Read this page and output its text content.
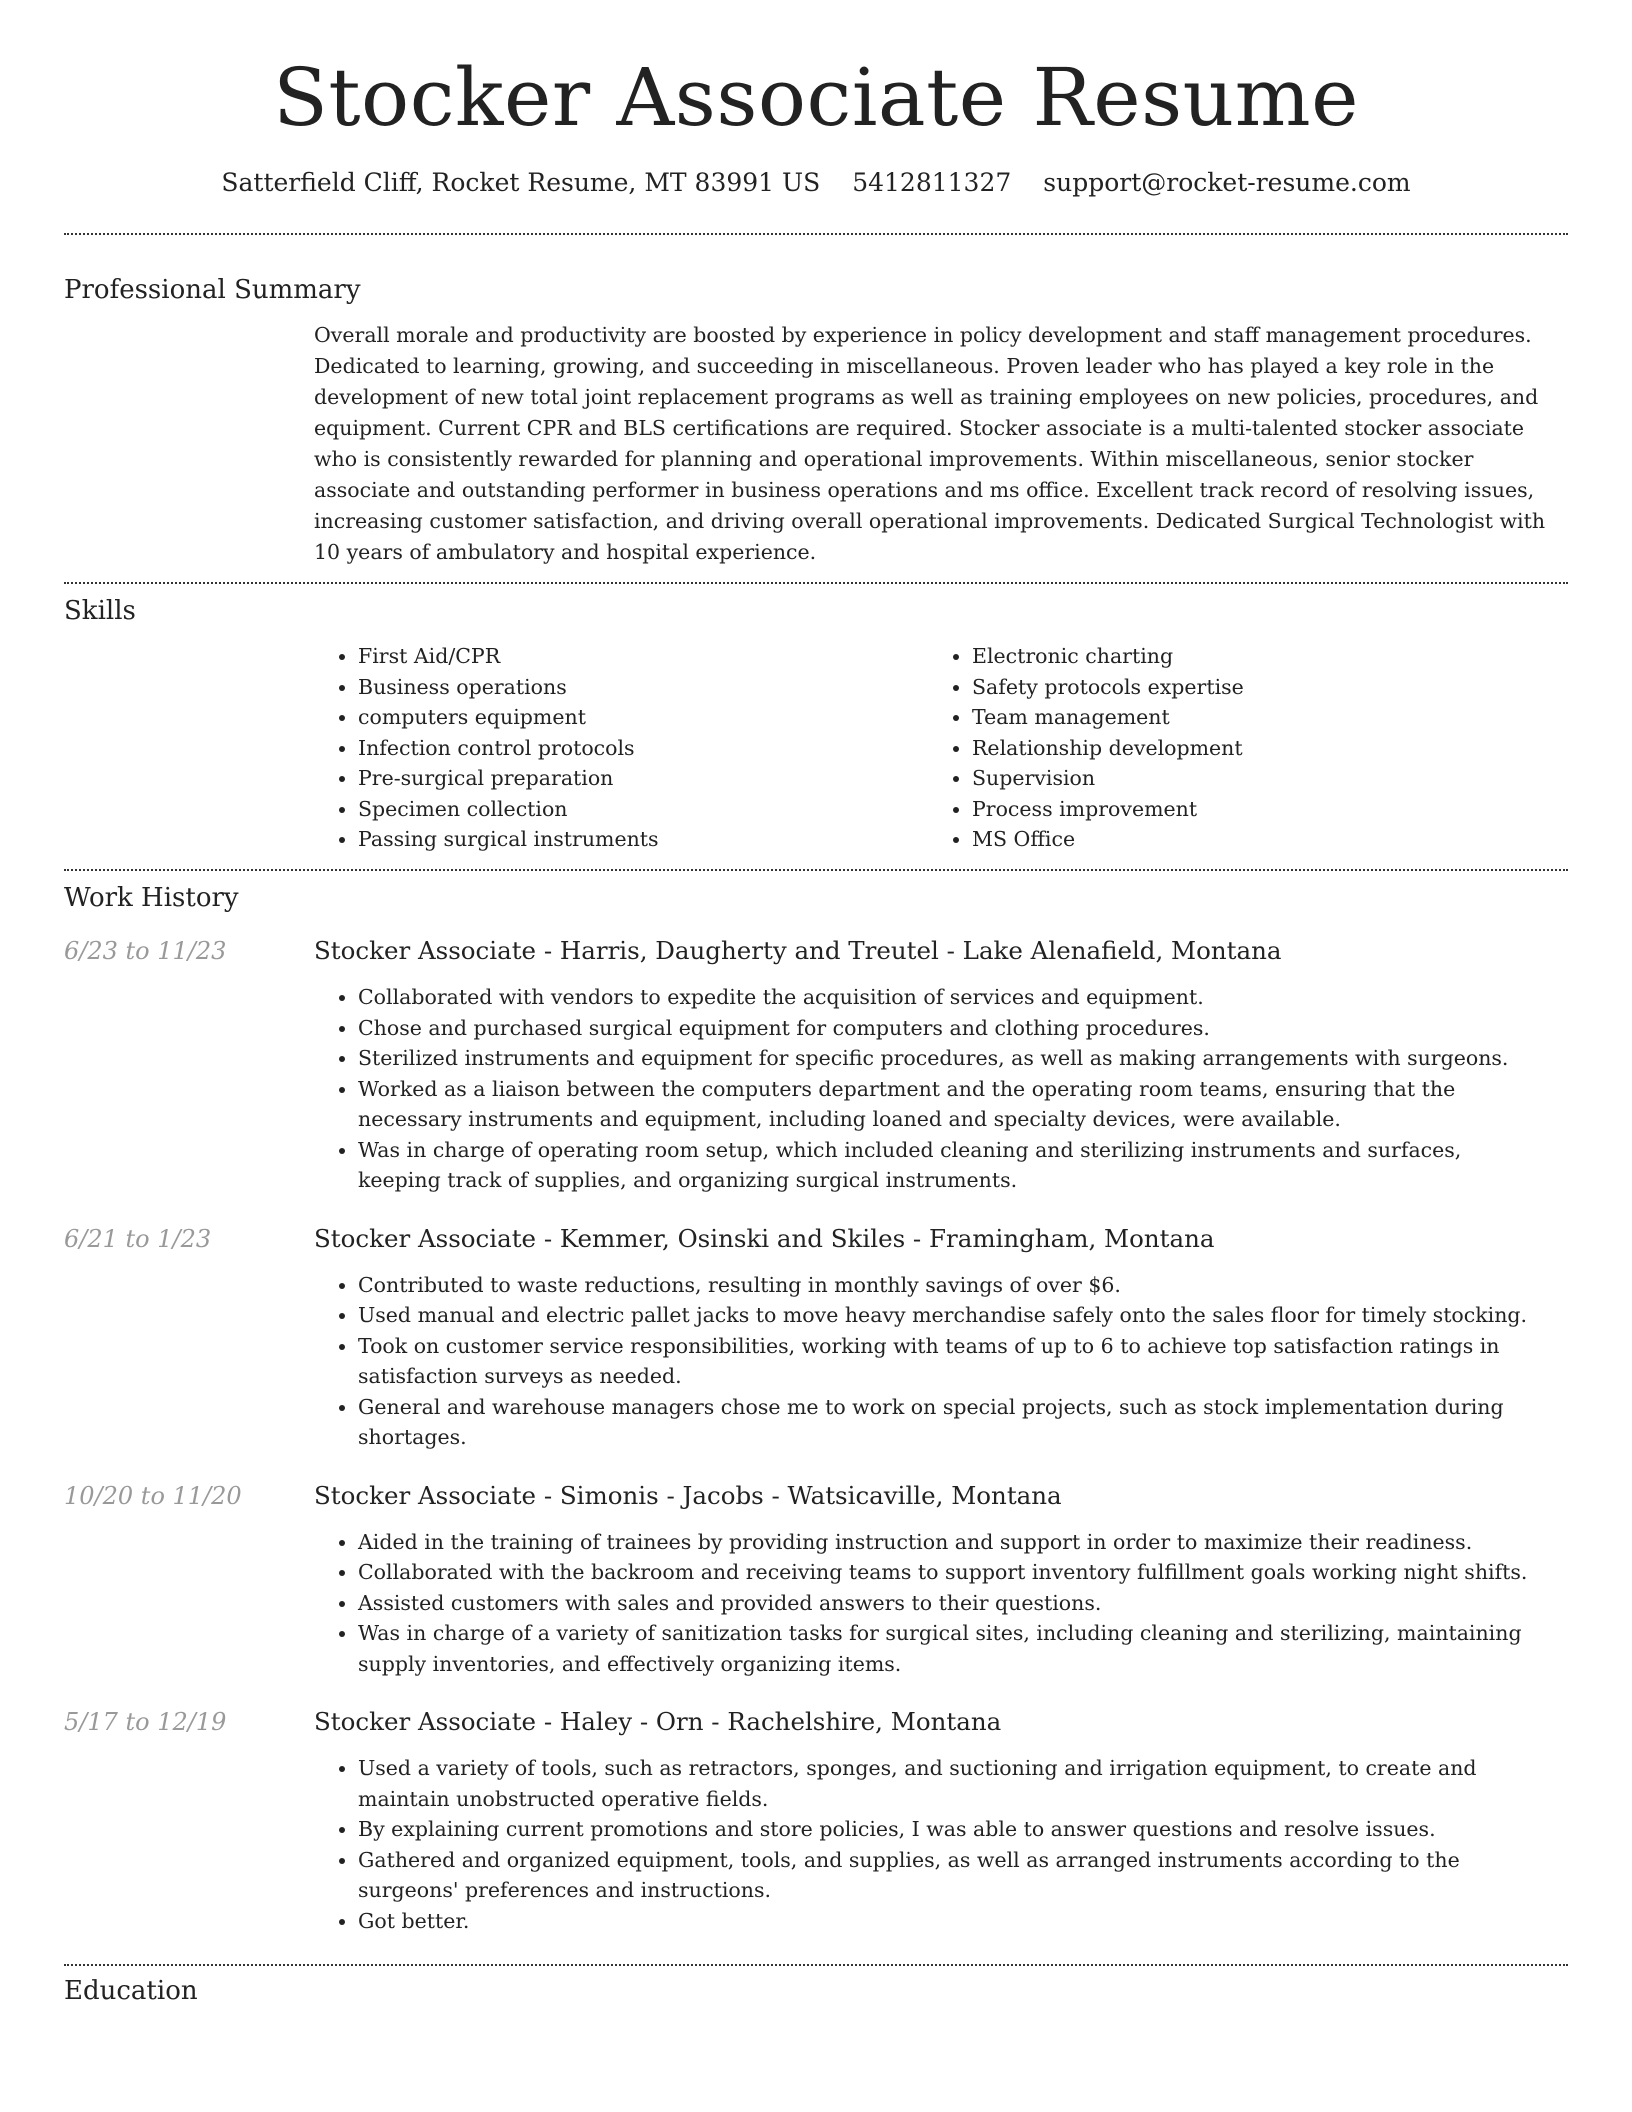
Stocker Associate Resume
Satterfield Cliff, Rocket Resume, MT 83991 US 5412811327 support@rocket-resume.com
Professional Summary
Overall morale and productivity are boosted by experience in policy development and staff management procedures. Dedicated to learning, growing, and succeeding in miscellaneous. Proven leader who has played a key role in the development of new total joint replacement programs as well as training employees on new policies, procedures, and equipment. Current CPR and BLS certifications are required. Stocker associate is a multi-talented stocker associate who is consistently rewarded for planning and operational improvements. Within miscellaneous, senior stocker associate and outstanding performer in business operations and ms office. Excellent track record of resolving issues, increasing customer satisfaction, and driving overall operational improvements. Dedicated Surgical Technologist with 10 years of ambulatory and hospital experience.
Skills
• First Aid/CPR
• Business operations
• computers equipment
• Infection control protocols
• Pre-surgical preparation
• Specimen collection
• Passing surgical instruments
• Electronic charting
• Safety protocols expertise
• Team management
• Relationship development
• Supervision
• Process improvement
• MS Office
Work History
6/23 to 11/23	Stocker Associate - Harris, Daugherty and Treutel - Lake Alenafield, Montana
• Collaborated with vendors to expedite the acquisition of services and equipment.
• Chose and purchased surgical equipment for computers and clothing procedures.
• Sterilized instruments and equipment for specific procedures, as well as making arrangements with surgeons.
• Worked as a liaison between the computers department and the operating room teams, ensuring that the necessary instruments and equipment, including loaned and specialty devices, were available.
• Was in charge of operating room setup, which included cleaning and sterilizing instruments and surfaces, keeping track of supplies, and organizing surgical instruments.
6/21 to 1/23	Stocker Associate - Kemmer, Osinski and Skiles - Framingham, Montana
• Contributed to waste reductions, resulting in monthly savings of over $6.
• Used manual and electric pallet jacks to move heavy merchandise safely onto the sales floor for timely stocking.
• Took on customer service responsibilities, working with teams of up to 6 to achieve top satisfaction ratings in satisfaction surveys as needed.
• General and warehouse managers chose me to work on special projects, such as stock implementation during shortages.
10/20 to 11/20	Stocker Associate - Simonis - Jacobs - Watsicaville, Montana
• Aided in the training of trainees by providing instruction and support in order to maximize their readiness.
• Collaborated with the backroom and receiving teams to support inventory fulfillment goals working night shifts.
• Assisted customers with sales and provided answers to their questions.
• Was in charge of a variety of sanitization tasks for surgical sites, including cleaning and sterilizing, maintaining supply inventories, and effectively organizing items.
5/17 to 12/19	Stocker Associate - Haley - Orn - Rachelshire, Montana
• Used a variety of tools, such as retractors, sponges, and suctioning and irrigation equipment, to create and maintain unobstructed operative fields.
• By explaining current promotions and store policies, I was able to answer questions and resolve issues.
• Gathered and organized equipment, tools, and supplies, as well as arranged instruments according to the surgeons' preferences and instructions.
• Got better.
Education
